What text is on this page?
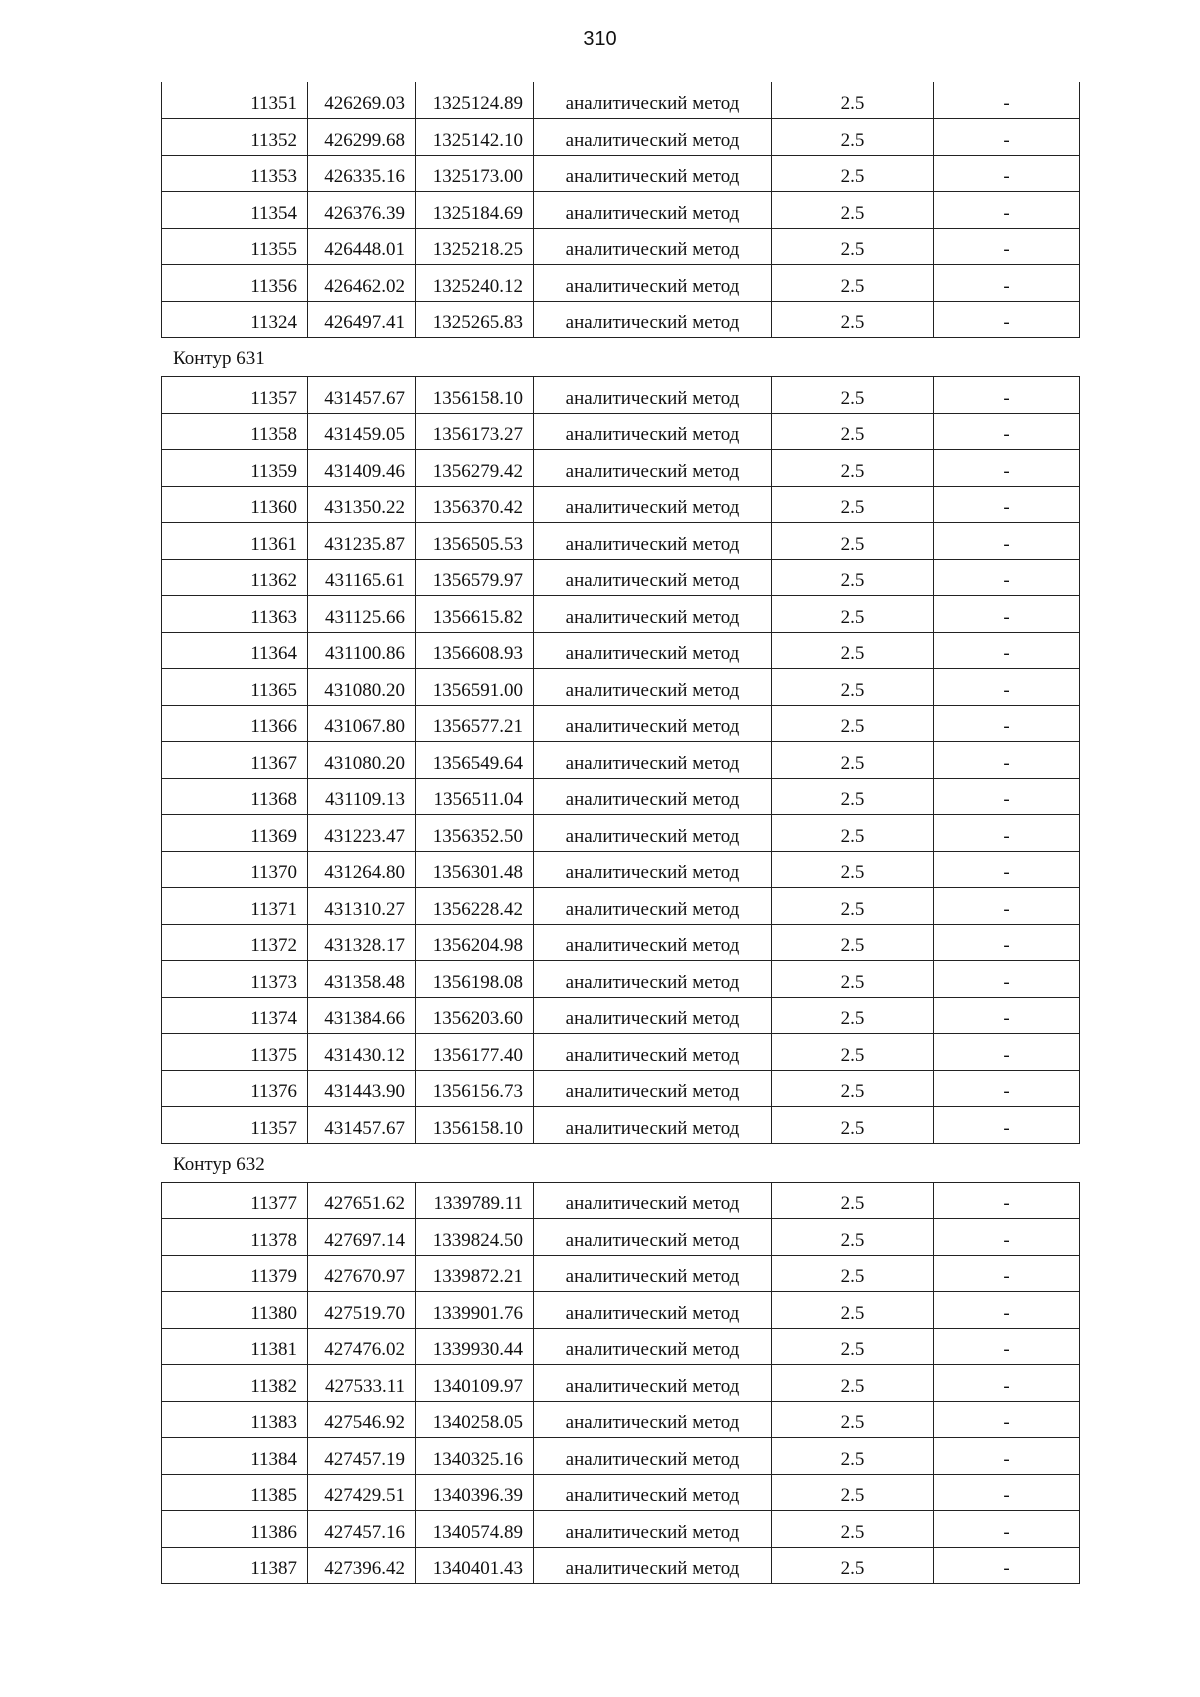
310
11351	426269.03	1325124.89	аналитический метод	2.5	-
11352	426299.68	1325142.10	аналитический метод	2.5	-
11353	426335.16	1325173.00	аналитический метод	2.5	-
11354	426376.39	1325184.69	аналитический метод	2.5	-
11355	426448.01	1325218.25	аналитический метод	2.5	-
11356	426462.02	1325240.12	аналитический метод	2.5	-
11324	426497.41	1325265.83	аналитический метод	2.5	-
Контур 631
11357	431457.67	1356158.10	аналитический метод	2.5	-
11358	431459.05	1356173.27	аналитический метод	2.5	-
11359	431409.46	1356279.42	аналитический метод	2.5	-
11360	431350.22	1356370.42	аналитический метод	2.5	-
11361	431235.87	1356505.53	аналитический метод	2.5	-
11362	431165.61	1356579.97	аналитический метод	2.5	-
11363	431125.66	1356615.82	аналитический метод	2.5	-
11364	431100.86	1356608.93	аналитический метод	2.5	-
11365	431080.20	1356591.00	аналитический метод	2.5	-
11366	431067.80	1356577.21	аналитический метод	2.5	-
11367	431080.20	1356549.64	аналитический метод	2.5	-
11368	431109.13	1356511.04	аналитический метод	2.5	-
11369	431223.47	1356352.50	аналитический метод	2.5	-
11370	431264.80	1356301.48	аналитический метод	2.5	-
11371	431310.27	1356228.42	аналитический метод	2.5	-
11372	431328.17	1356204.98	аналитический метод	2.5	-
11373	431358.48	1356198.08	аналитический метод	2.5	-
11374	431384.66	1356203.60	аналитический метод	2.5	-
11375	431430.12	1356177.40	аналитический метод	2.5	-
11376	431443.90	1356156.73	аналитический метод	2.5	-
11357	431457.67	1356158.10	аналитический метод	2.5	-
Контур 632
11377	427651.62	1339789.11	аналитический метод	2.5	-
11378	427697.14	1339824.50	аналитический метод	2.5	-
11379	427670.97	1339872.21	аналитический метод	2.5	-
11380	427519.70	1339901.76	аналитический метод	2.5	-
11381	427476.02	1339930.44	аналитический метод	2.5	-
11382	427533.11	1340109.97	аналитический метод	2.5	-
11383	427546.92	1340258.05	аналитический метод	2.5	-
11384	427457.19	1340325.16	аналитический метод	2.5	-
11385	427429.51	1340396.39	аналитический метод	2.5	-
11386	427457.16	1340574.89	аналитический метод	2.5	-
11387	427396.42	1340401.43	аналитический метод	2.5	-
